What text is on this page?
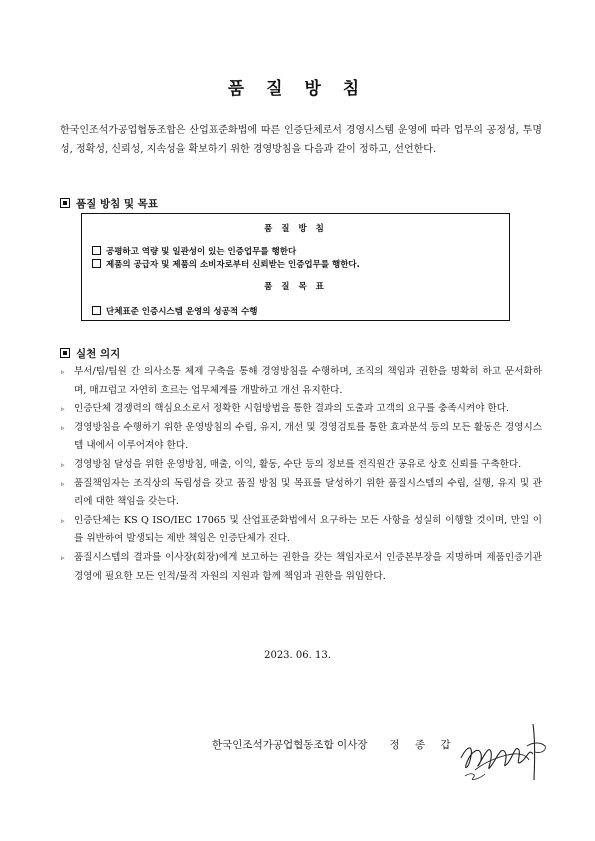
품 질 방 침
한국인조석가공업협동조합은 산업표준화법에 따른 인증단체로서 경영시스템 운영에 따라 업무의 공정성, 투명성, 정확성, 신뢰성, 지속성을 확보하기 위한 경영방침을 다음과 같이 정하고, 선언한다.
품질 방침 및 목표
품 질 방 침
공평하고 역량 및 일관성이 있는 인증업무를 행한다
제품의 공급자 및 제품의 소비자로부터 신뢰받는 인증업무를 행한다.
품 질 목 표
단체표준 인증시스템 운영의 성공적 수행
실천 의지
▹ 부서/팀/팀원 간 의사소통 체제 구축을 통해 경영방침을 수행하며, 조직의 책임과 권한을 명확히 하고 문서화하며, 매끄럽고 자연히 흐르는 업무체계를 개발하고 개선 유지한다.
▹ 인증단체 경쟁력의 핵심요소로서 정확한 시험방법을 통한 결과의 도출과 고객의 요구를 충족시켜야 한다.
▹ 경영방침을 수행하기 위한 운영방침의 수립, 유지, 개선 및 경영검토를 통한 효과분석 등의 모든 활동은 경영시스템 내에서 이루어져야 한다.
▹ 경영방침 달성을 위한 운영방침, 매출, 이익, 활동, 수단 등의 정보를 전직원간 공유로 상호 신뢰를 구축한다.
▹ 품질책임자는 조직상의 독립성을 갖고 품질 방침 및 목표를 달성하기 위한 품질시스템의 수립, 실행, 유지 및 관리에 대한 책임을 갖는다.
▹ 인증단체는 KS Q ISO/IEC 17065 및 산업표준화법에서 요구하는 모든 사항을 성실히 이행할 것이며, 만일 이를 위반하여 발생되는 제반 책임은 인증단체가 진다.
▹ 품질시스템의 결과를 이사장(회장)에게 보고하는 권한을 갖는 책임자로서 인증본부장을 지명하며 제품인증기관 경영에 필요한 모든 인적/물적 자원의 지원과 함께 책임과 권한을 위임한다.
2023. 06. 13.
한국인조석가공업협동조합 이사장 정 종 갑
